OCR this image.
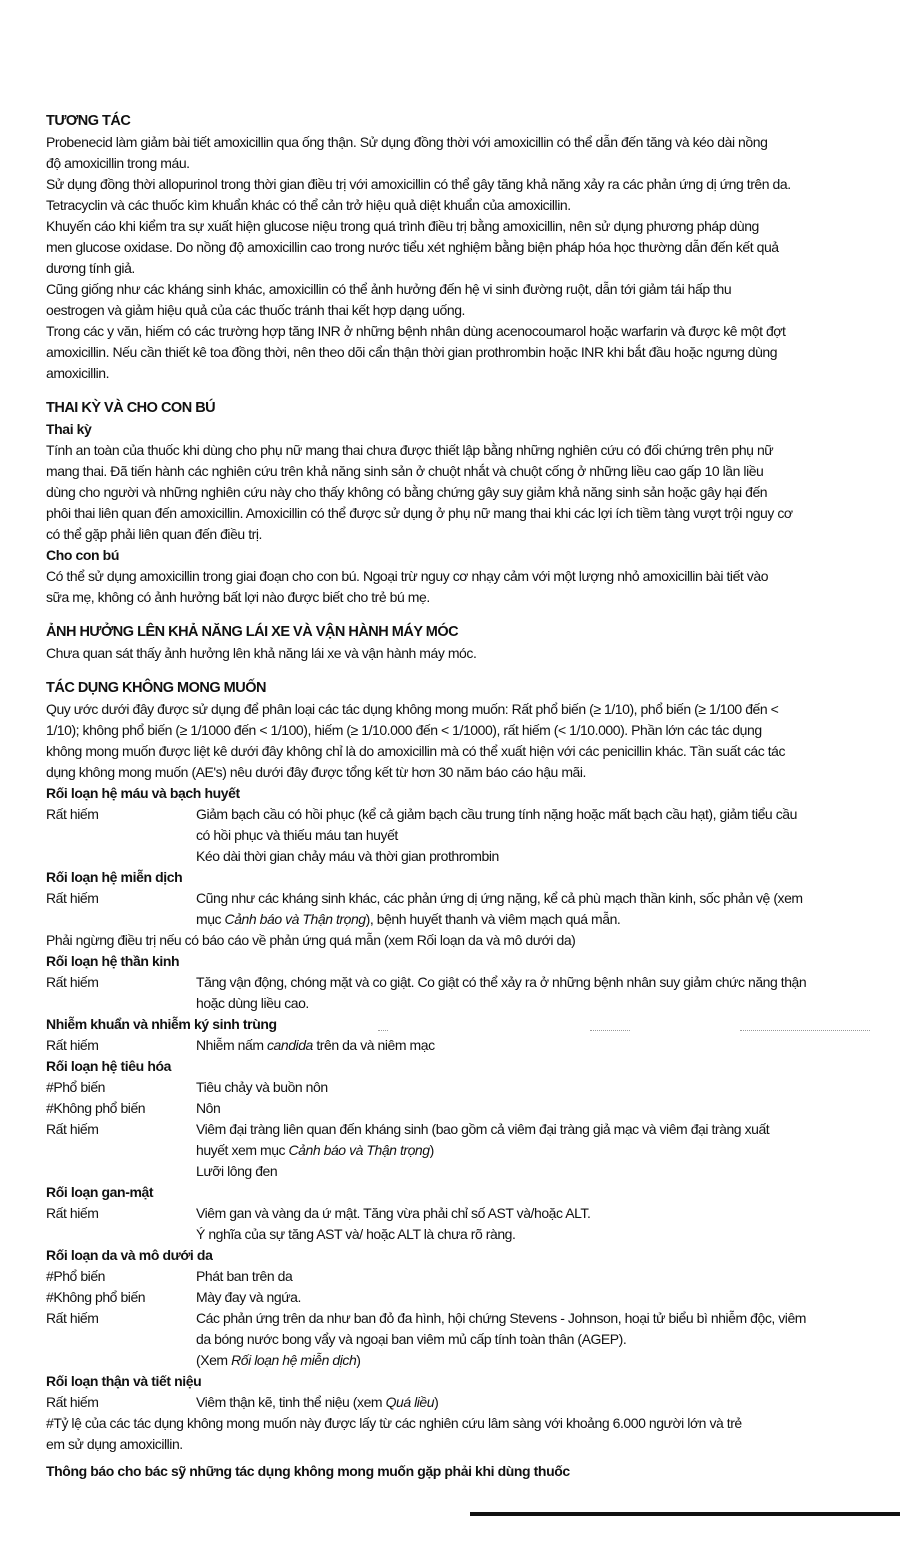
TƯƠNG TÁC
Probenecid làm giảm bài tiết amoxicillin qua ống thận. Sử dụng đồng thời với amoxicillin có thể dẫn đến tăng và kéo dài nồng
độ amoxicillin trong máu.
Sử dụng đồng thời allopurinol trong thời gian điều trị với amoxicillin có thể gây tăng khả năng xảy ra các phản ứng dị ứng trên da.
Tetracyclin và các thuốc kìm khuẩn khác có thể cản trở hiệu quả diệt khuẩn của amoxicillin.
Khuyến cáo khi kiểm tra sự xuất hiện glucose niệu trong quá trình điều trị bằng amoxicillin, nên sử dụng phương pháp dùng
men glucose oxidase. Do nồng độ amoxicillin cao trong nước tiểu xét nghiệm bằng biện pháp hóa học thường dẫn đến kết quả
dương tính giả.
Cũng giống như các kháng sinh khác, amoxicillin có thể ảnh hưởng đến hệ vi sinh đường ruột, dẫn tới giảm tái hấp thu
oestrogen và giảm hiệu quả của các thuốc tránh thai kết hợp dạng uống.
Trong các y văn, hiếm có các trường hợp tăng INR ở những bệnh nhân dùng acenocoumarol hoặc warfarin và được kê một đợt
amoxicillin. Nếu cần thiết kê toa đồng thời, nên theo dõi cẩn thận thời gian prothrombin hoặc INR khi bắt đầu hoặc ngưng dùng
amoxicillin.
THAI KỲ VÀ CHO CON BÚ
Thai kỳ
Tính an toàn của thuốc khi dùng cho phụ nữ mang thai chưa được thiết lập bằng những nghiên cứu có đối chứng trên phụ nữ
mang thai. Đã tiến hành các nghiên cứu trên khả năng sinh sản ở chuột nhắt và chuột cống ở những liều cao gấp 10 lần liều
dùng cho người và những nghiên cứu này cho thấy không có bằng chứng gây suy giảm khả năng sinh sản hoặc gây hại đến
phôi thai liên quan đến amoxicillin. Amoxicillin có thể được sử dụng ở phụ nữ mang thai khi các lợi ích tiềm tàng vượt trội nguy cơ
có thể gặp phải liên quan đến điều trị.
Cho con bú
Có thể sử dụng amoxicillin trong giai đoạn cho con bú. Ngoại trừ nguy cơ nhạy cảm với một lượng nhỏ amoxicillin bài tiết vào
sữa mẹ, không có ảnh hưởng bất lợi nào được biết cho trẻ bú mẹ.
ẢNH HƯỞNG LÊN KHẢ NĂNG LÁI XE VÀ VẬN HÀNH MÁY MÓC
Chưa quan sát thấy ảnh hưởng lên khả năng lái xe và vận hành máy móc.
TÁC DỤNG KHÔNG MONG MUỐN
Quy ước dưới đây được sử dụng để phân loại các tác dụng không mong muốn: Rất phổ biến (≥ 1/10), phổ biến (≥ 1/100 đến <
1/10); không phổ biến (≥ 1/1000 đến < 1/100), hiếm (≥ 1/10.000 đến < 1/1000), rất hiếm (< 1/10.000). Phần lớn các tác dụng
không mong muốn được liệt kê dưới đây không chỉ là do amoxicillin mà có thể xuất hiện với các penicillin khác. Tần suất các tác
dụng không mong muốn (AE's) nêu dưới đây được tổng kết từ hơn 30 năm báo cáo hậu mãi.
Rối loạn hệ máu và bạch huyết
Rất hiếm	Giảm bạch cầu có hồi phục (kể cả giảm bạch cầu trung tính nặng hoặc mất bạch cầu hạt), giảm tiểu cầu
có hồi phục và thiếu máu tan huyết
Kéo dài thời gian chảy máu và thời gian prothrombin
Rối loạn hệ miễn dịch
Rất hiếm	Cũng như các kháng sinh khác, các phản ứng dị ứng nặng, kể cả phù mạch thần kinh, sốc phản vệ (xem
mục Cảnh báo và Thận trọng), bệnh huyết thanh và viêm mạch quá mẫn.
Phải ngừng điều trị nếu có báo cáo về phản ứng quá mẫn (xem Rối loạn da và mô dưới da)
Rối loạn hệ thần kinh
Rất hiếm	Tăng vận động, chóng mặt và co giật. Co giật có thể xảy ra ở những bệnh nhân suy giảm chức năng thận
hoặc dùng liều cao.
Nhiễm khuẩn và nhiễm ký sinh trùng
Rất hiếm	Nhiễm nấm candida trên da và niêm mạc
Rối loạn hệ tiêu hóa
#Phổ biến	Tiêu chảy và buồn nôn
#Không phổ biến	Nôn
Rất hiếm	Viêm đại tràng liên quan đến kháng sinh (bao gồm cả viêm đại tràng giả mạc và viêm đại tràng xuất
huyết xem mục Cảnh báo và Thận trọng)
Lưỡi lông đen
Rối loạn gan-mật
Rất hiếm	Viêm gan và vàng da ứ mật. Tăng vừa phải chỉ số AST và/hoặc ALT.
Ý nghĩa của sự tăng AST và/ hoặc ALT là chưa rõ ràng.
Rối loạn da và mô dưới da
#Phổ biến	Phát ban trên da
#Không phổ biến	Mày đay và ngứa.
Rất hiếm	Các phản ứng trên da như ban đỏ đa hình, hội chứng Stevens - Johnson, hoại tử biểu bì nhiễm độc, viêm
da bóng nước bong vẩy và ngoại ban viêm mủ cấp tính toàn thân (AGEP).
(Xem Rối loạn hệ miễn dịch)
Rối loạn thận và tiết niệu
Rất hiếm	Viêm thận kẽ, tinh thể niệu (xem Quá liều)
#Tỷ lệ của các tác dụng không mong muốn này được lấy từ các nghiên cứu lâm sàng với khoảng 6.000 người lớn và trẻ
em sử dụng amoxicillin.
Thông báo cho bác sỹ những tác dụng không mong muốn gặp phải khi dùng thuốc
